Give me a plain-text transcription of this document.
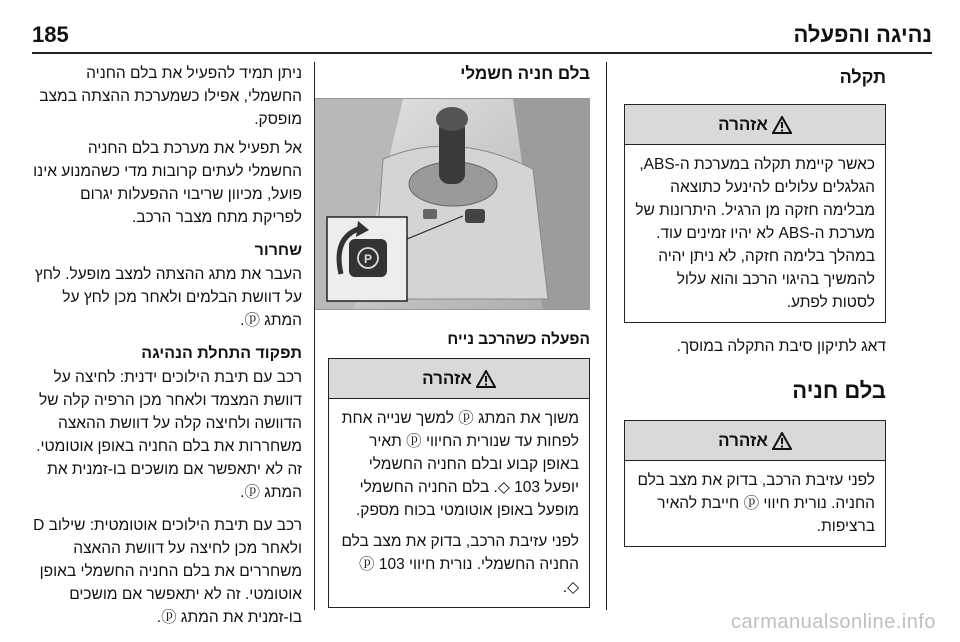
185	נהיגה והפעלה
תקלה
אזהרה
כאשר קיימת תקלה במערכת ה-ABS, הגלגלים עלולים להינעל כתוצאה מבלימה חזקה מן הרגיל. היתרונות של מערכת ה-ABS לא יהיו זמינים עוד. במהלך בלימה חזקה, לא ניתן יהיה להמשיך בהיגוי הרכב והוא עלול לסטות לפתע.
דאג לתיקון סיבת התקלה במוסך.
בלם חניה
אזהרה
לפני עזיבת הרכב, בדוק את מצב בלם החניה. נורית חיווי ⓟ חייבת להאיר ברציפות.
בלם חניה חשמלי
P
הפעלה כשהרכב נייח
אזהרה

משוך את המתג ⓟ למשך שנייה אחת לפחות עד שנורית החיווי ⓟ תאיר באופן קבוע ובלם החניה החשמלי יופעל 103 ◇. בלם החניה החשמלי מופעל באופן אוטומטי בכוח מספק.

לפני עזיבת הרכב, בדוק את מצב בלם החניה החשמלי. נורית חיווי ⓟ 103 ◇.

ניתן תמיד להפעיל את בלם החניה החשמלי, אפילו כשמערכת ההצתה במצב מופסק.
אל תפעיל את מערכת בלם החניה החשמלי לעתים קרובות מדי כשהמנוע אינו פועל, מכיוון שריבוי ההפעלות יגרום לפריקת מתח מצבר הרכב.
שחרור
העבר את מתג ההצתה למצב מופעל. לחץ על דוושת הבלמים ולאחר מכן לחץ על המתג ⓟ.
תפקוד התחלת הנהיגה
רכב עם תיבת הילוכים ידנית: לחיצה על דוושת המצמד ולאחר מכן הרפיה קלה של הדוושה ולחיצה קלה על דוושת ההאצה משחררות את בלם החניה באופן אוטומטי. זה לא יתאפשר אם מושכים בו-זמנית את המתג ⓟ.
רכב עם תיבת הילוכים אוטומטית: שילוב D ולאחר מכן לחיצה על דוושת ההאצה משחררים את בלם החניה החשמלי באופן אוטומטי. זה לא יתאפשר אם מושכים בו-זמנית את המתג ⓟ.	carmanualsonline.info
